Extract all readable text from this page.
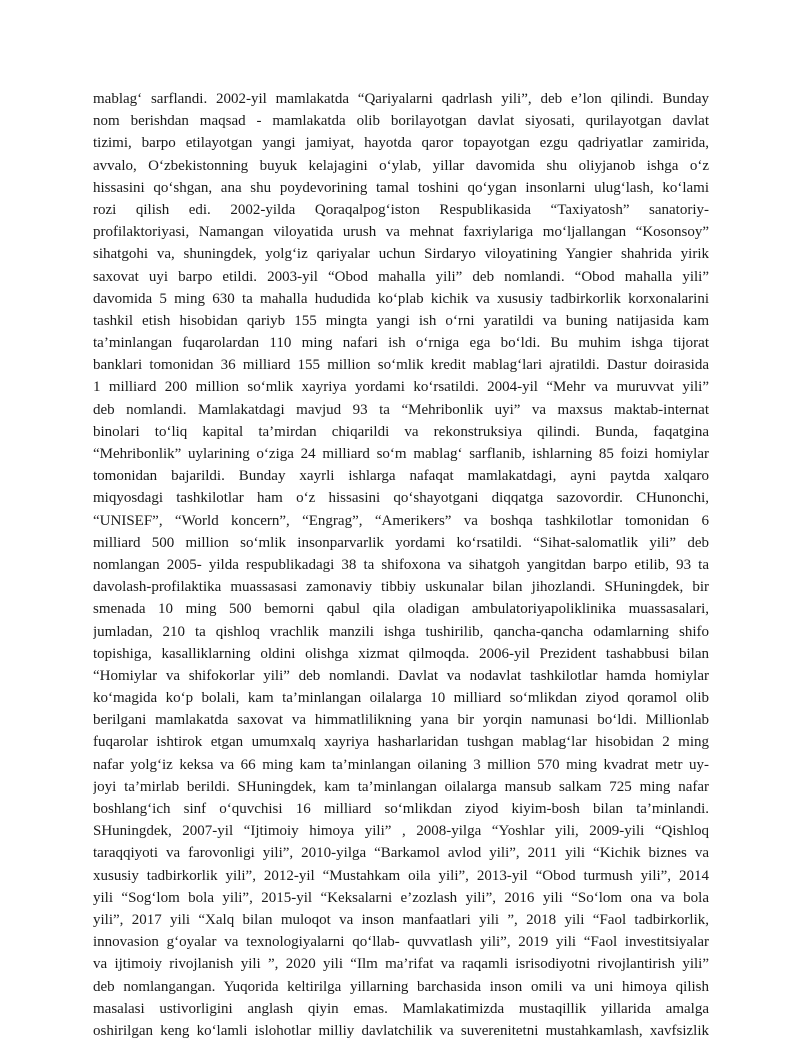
mablag‘ sarflandi. 2002-yil mamlakatda “Qariyalarni qadrlash yili”, deb e’lon qilindi. Bunday
nom berishdan maqsad - mamlakatda olib borilayotgan davlat siyosati, qurilayotgan davlat
tizimi, barpo etilayotgan yangi jamiyat, hayotda qaror topayotgan ezgu qadriyatlar zamirida,
avvalo, O‘zbekistonning buyuk kelajagini o‘ylab, yillar davomida shu oliyjanob ishga o‘z
hissasini qo‘shgan, ana shu poydevorining tamal toshini qo‘ygan insonlarni ulug‘lash, ko‘lami
rozi qilish edi. 2002-yilda Qoraqalpog‘iston Respublikasida “Taxiyatosh” sanatoriy-
profilaktoriyasi, Namangan viloyatida urush va mehnat faxriylariga mo‘ljallangan “Kosonsoy”
sihatgohi va, shuningdek, yolg‘iz qariyalar uchun Sirdaryo viloyatining Yangier shahrida yirik
saxovat uyi barpo etildi. 2003-yil “Obod mahalla yili” deb nomlandi. “Obod mahalla yili”
davomida 5 ming 630 ta mahalla hududida ko‘plab kichik va xususiy tadbirkorlik korxonalarini
tashkil etish hisobidan qariyb 155 mingta yangi ish o‘rni yaratildi va buning natijasida kam
ta’minlangan fuqarolardan 110 ming nafari ish o‘rniga ega bo‘ldi. Bu muhim ishga tijorat
banklari tomonidan 36 milliard 155 million so‘mlik kredit mablag‘lari ajratildi. Dastur doirasida
1 milliard 200 million so‘mlik xayriya yordami ko‘rsatildi. 2004-yil “Mehr va muruvvat yili”
deb nomlandi. Mamlakatdagi mavjud 93 ta “Mehribonlik uyi” va maxsus maktab-internat
binolari to‘liq kapital ta’mirdan chiqarildi va rekonstruksiya qilindi. Bunda, faqatgina
“Mehribonlik” uylarining o‘ziga 24 milliard so‘m mablag‘ sarflanib, ishlarning 85 foizi homiylar
tomonidan bajarildi. Bunday xayrli ishlarga nafaqat mamlakatdagi, ayni paytda xalqaro
miqyosdagi tashkilotlar ham o‘z hissasini qo‘shayotgani diqqatga sazovordir. CHunonchi,
“UNISEF”, “World koncern”, “Engrag”, “Amerikers” va boshqa tashkilotlar tomonidan 6
milliard 500 million so‘mlik insonparvarlik yordami ko‘rsatildi. “Sihat-salomatlik yili” deb
nomlangan 2005- yilda respublikadagi 38 ta shifoxona va sihatgoh yangitdan barpo etilib, 93 ta
davolash-profilaktika muassasasi zamonaviy tibbiy uskunalar bilan jihozlandi. SHuningdek, bir
smenada 10 ming 500 bemorni qabul qila oladigan ambulatoriyapoliklinika muassasalari,
jumladan, 210 ta qishloq vrachlik manzili ishga tushirilib, qancha-qancha odamlarning shifo
topishiga, kasalliklarning oldini olishga xizmat qilmoqda. 2006-yil Prezident tashabbusi bilan
“Homiylar va shifokorlar yili” deb nomlandi. Davlat va nodavlat tashkilotlar hamda homiylar
ko‘magida ko‘p bolali, kam ta’minlangan oilalarga 10 milliard so‘mlikdan ziyod qoramol olib
berilgani mamlakatda saxovat va himmatlilikning yana bir yorqin namunasi bo‘ldi. Millionlab
fuqarolar ishtirok etgan umumxalq xayriya hasharlaridan tushgan mablag‘lar hisobidan 2 ming
nafar yolg‘iz keksa va 66 ming kam ta’minlangan oilaning 3 million 570 ming kvadrat metr uy-
joyi ta’mirlab berildi. SHuningdek, kam ta’minlangan oilalarga mansub salkam 725 ming nafar
boshlang‘ich sinf o‘quvchisi 16 milliard so‘mlikdan ziyod kiyim-bosh bilan ta’minlandi.
SHuningdek, 2007-yil “Ijtimoiy himoya yili” , 2008-yilga “Yoshlar yili, 2009-yili “Qishloq
taraqqiyoti va farovonligi yili”, 2010-yilga “Barkamol avlod yili”, 2011 yili “Kichik biznes va
xususiy tadbirkorlik yili”, 2012-yil “Mustahkam oila yili”, 2013-yil “Obod turmush yili”, 2014
yili “Sog‘lom bola yili”, 2015-yil “Keksalarni e’zozlash yili”, 2016 yili “So‘lom ona va bola
yili”, 2017 yili “Xalq bilan muloqot va inson manfaatlari yili ”, 2018 yili “Faol tadbirkorlik,
innovasion g‘oyalar va texnologiyalarni qo‘llab- quvvatlash yili”, 2019 yili “Faol investitsiyalar
va ijtimoiy rivojlanish yili ”, 2020 yili “Ilm ma’rifat va raqamli isrisodiyotni rivojlantirish yili”
deb nomlangangan. Yuqorida keltirilga yillarning barchasida inson omili va uni himoya qilish
masalasi ustivorligini anglash qiyin emas. Mamlakatimizda mustaqillik yillarida amalga
oshirilgan keng ko‘lamli islohotlar milliy davlatchilik va suverenitetni mustahkamlash, xavfsizlik
